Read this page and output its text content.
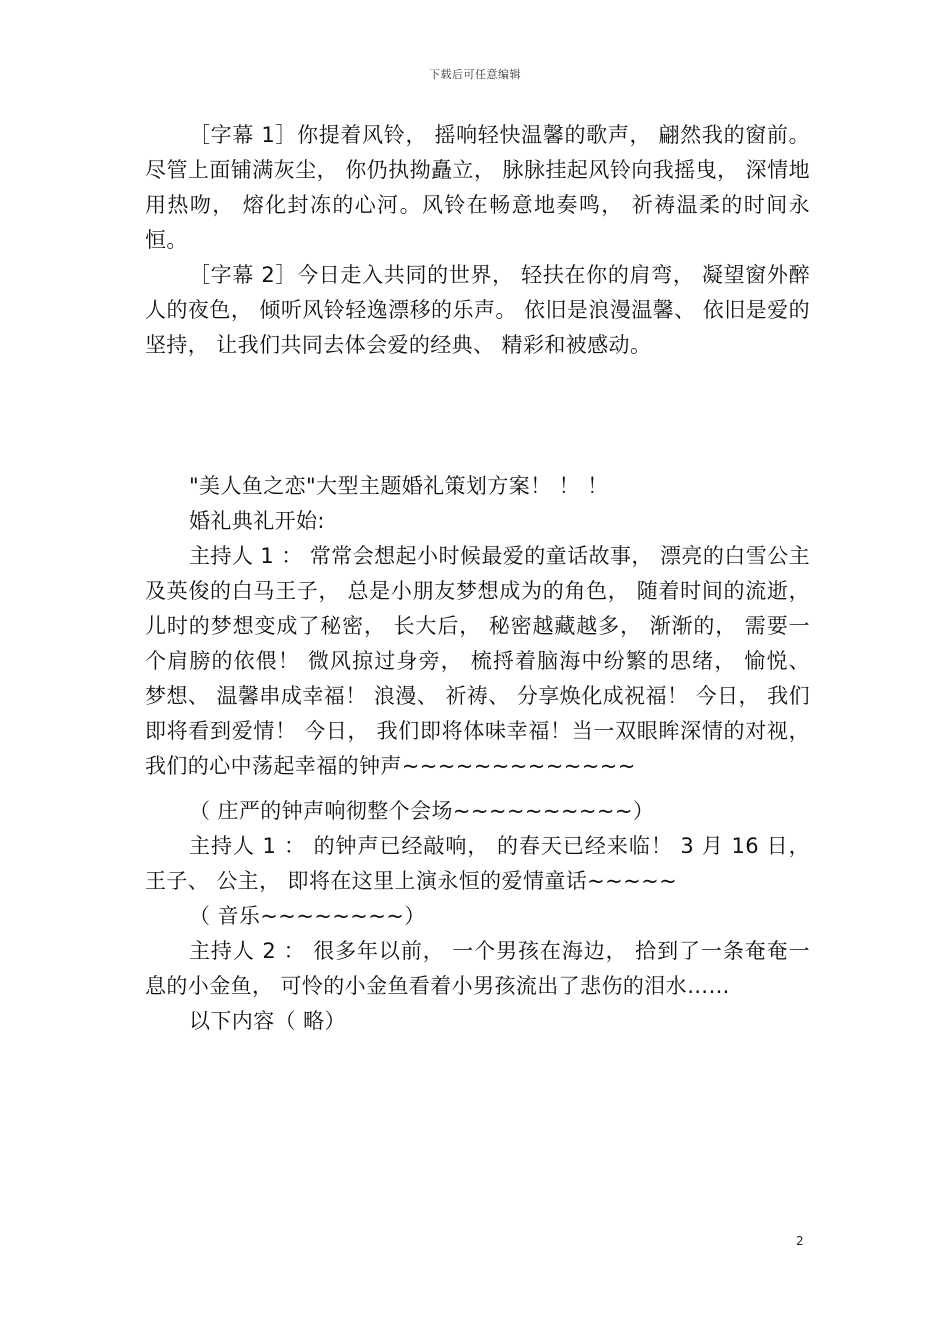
下载后可任意编辑

［字幕 1］你提着风铃， 摇响轻快温馨的歌声， 翩然我的窗前。尽管上面铺满灰尘， 你仍执拗矗立， 脉脉挂起风铃向我摇曳， 深情地用热吻， 熔化封冻的心河。风铃在畅意地奏鸣， 祈祷温柔的时间永恒。

［字幕 2］今日走入共同的世界， 轻扶在你的肩弯， 凝望窗外醉人的夜色， 倾听风铃轻逸漂移的乐声。 依旧是浪漫温馨、 依旧是爱的坚持， 让我们共同去体会爱的经典、 精彩和被感动。

"美人鱼之恋"大型主题婚礼策划方案！ ！ ！

婚礼典礼开始:

主持人 1 ： 常常会想起小时候最爱的童话故事， 漂亮的白雪公主及英俊的白马王子， 总是小朋友梦想成为的角色， 随着时间的流逝， 儿时的梦想变成了秘密， 长大后， 秘密越藏越多， 渐渐的， 需要一个肩膀的依偎！ 微风掠过身旁， 梳捋着脑海中纷繁的思绪， 愉悦、 梦想、 温馨串成幸福！ 浪漫、 祈祷、 分享焕化成祝福！ 今日， 我们即将看到爱情！ 今日， 我们即将体味幸福！当一双眼眸深情的对视， 我们的心中荡起幸福的钟声~~~~~~~~~~~~~

（ 庄严的钟声响彻整个会场~~~~~~~~~~）

主持人 1 ： 的钟声已经敲响， 的春天已经来临！ 3 月 16 日， 王子、 公主， 即将在这里上演永恒的爱情童话~~~~~

（ 音乐~~~~~~~~）

主持人 2 ： 很多年以前， 一个男孩在海边， 拾到了一条奄奄一息的小金鱼， 可怜的小金鱼看着小男孩流出了悲伤的泪水……

以下内容（ 略）

2
